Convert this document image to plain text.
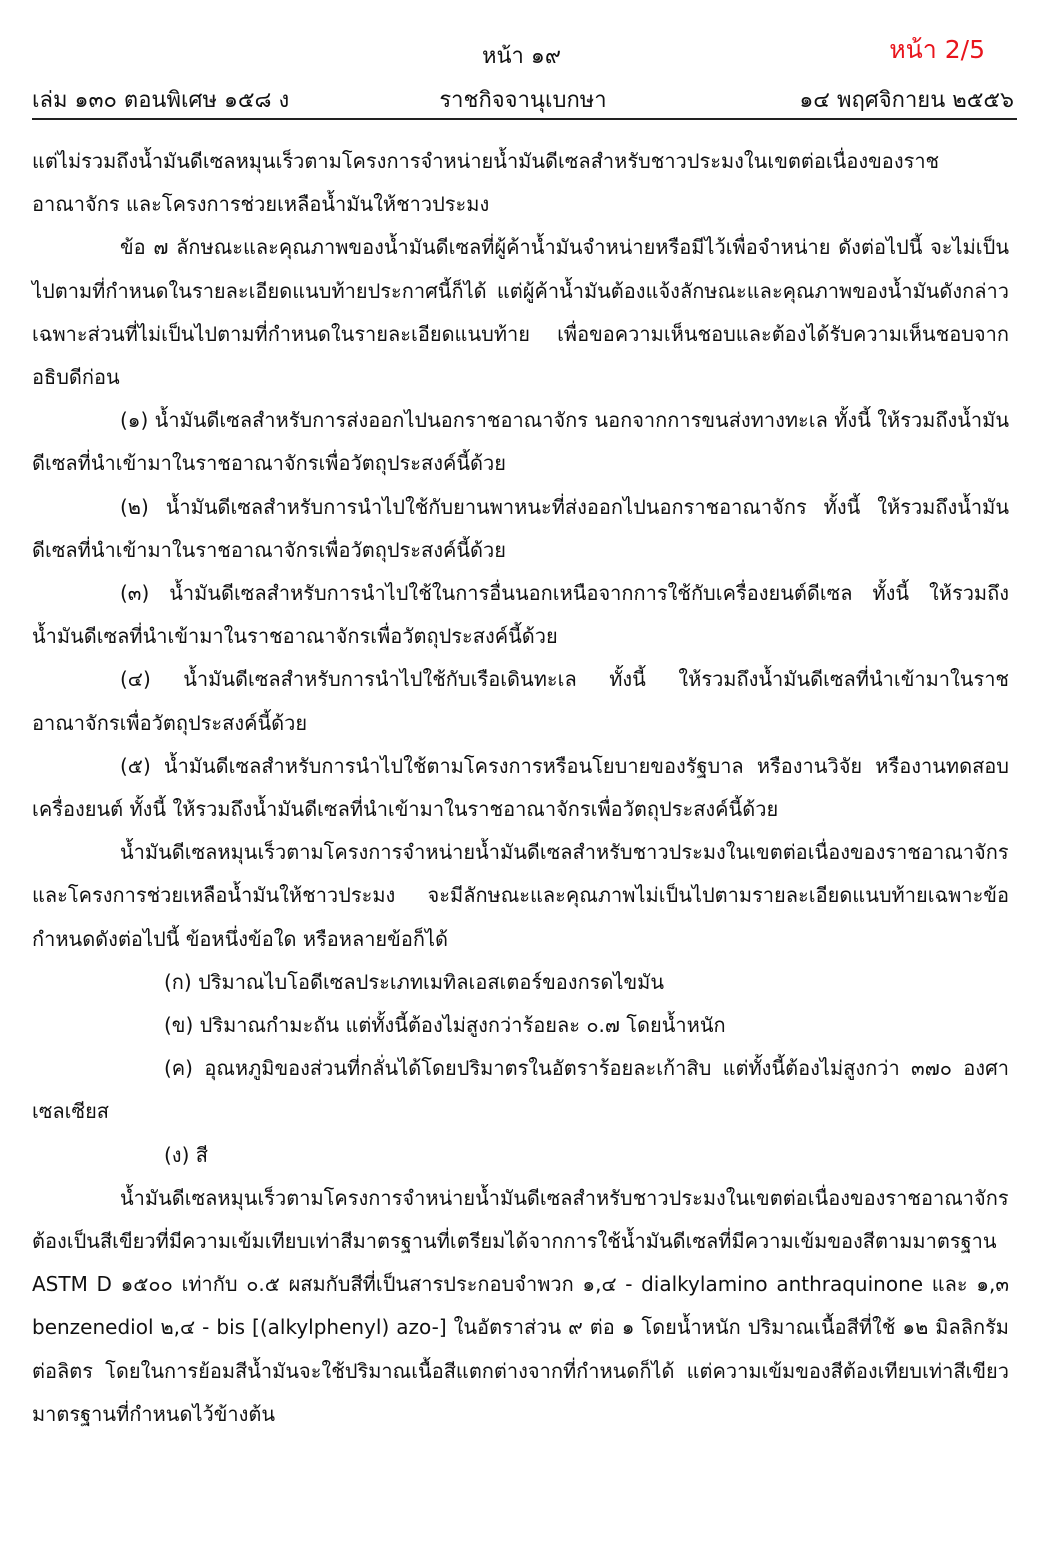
หน้า 2/5
หน้า ๑๙
ราชกิจจานุเบกษา
เล่ม ๑๓๐ ตอนพิเศษ ๑๕๘ ง	๑๔ พฤศจิกายน ๒๕๕๖

แต่ไม่รวมถึงน้ำมันดีเซลหมุนเร็วตามโครงการจำหน่ายน้ำมันดีเซลสำหรับชาวประมงในเขตต่อเนื่องของราชอาณาจักร และโครงการช่วยเหลือน้ำมันให้ชาวประมง

ข้อ ๗ ลักษณะและคุณภาพของน้ำมันดีเซลที่ผู้ค้าน้ำมันจำหน่ายหรือมีไว้เพื่อจำหน่าย ดังต่อไปนี้ จะไม่เป็นไปตามที่กำหนดในรายละเอียดแนบท้ายประกาศนี้ก็ได้ แต่ผู้ค้าน้ำมันต้องแจ้งลักษณะและคุณภาพของน้ำมันดังกล่าวเฉพาะส่วนที่ไม่เป็นไปตามที่กำหนดในรายละเอียดแนบท้าย เพื่อขอความเห็นชอบและต้องได้รับความเห็นชอบจากอธิบดีก่อน

(๑) น้ำมันดีเซลสำหรับการส่งออกไปนอกราชอาณาจักร นอกจากการขนส่งทางทะเล ทั้งนี้ ให้รวมถึงน้ำมันดีเซลที่นำเข้ามาในราชอาณาจักรเพื่อวัตถุประสงค์นี้ด้วย

(๒) น้ำมันดีเซลสำหรับการนำไปใช้กับยานพาหนะที่ส่งออกไปนอกราชอาณาจักร ทั้งนี้ ให้รวมถึงน้ำมันดีเซลที่นำเข้ามาในราชอาณาจักรเพื่อวัตถุประสงค์นี้ด้วย

(๓) น้ำมันดีเซลสำหรับการนำไปใช้ในการอื่นนอกเหนือจากการใช้กับเครื่องยนต์ดีเซล ทั้งนี้ ให้รวมถึงน้ำมันดีเซลที่นำเข้ามาในราชอาณาจักรเพื่อวัตถุประสงค์นี้ด้วย

(๔) น้ำมันดีเซลสำหรับการนำไปใช้กับเรือเดินทะเล ทั้งนี้ ให้รวมถึงน้ำมันดีเซลที่นำเข้ามาในราชอาณาจักรเพื่อวัตถุประสงค์นี้ด้วย

(๕) น้ำมันดีเซลสำหรับการนำไปใช้ตามโครงการหรือนโยบายของรัฐบาล หรืองานวิจัย หรืองานทดสอบเครื่องยนต์ ทั้งนี้ ให้รวมถึงน้ำมันดีเซลที่นำเข้ามาในราชอาณาจักรเพื่อวัตถุประสงค์นี้ด้วย

น้ำมันดีเซลหมุนเร็วตามโครงการจำหน่ายน้ำมันดีเซลสำหรับชาวประมงในเขตต่อเนื่องของราชอาณาจักรและโครงการช่วยเหลือน้ำมันให้ชาวประมง จะมีลักษณะและคุณภาพไม่เป็นไปตามรายละเอียดแนบท้ายเฉพาะข้อกำหนดดังต่อไปนี้ ข้อหนึ่งข้อใด หรือหลายข้อก็ได้

(ก) ปริมาณไบโอดีเซลประเภทเมทิลเอสเตอร์ของกรดไขมัน

(ข) ปริมาณกำมะถัน แต่ทั้งนี้ต้องไม่สูงกว่าร้อยละ ๐.๗ โดยน้ำหนัก

(ค) อุณหภูมิของส่วนที่กลั่นได้โดยปริมาตรในอัตราร้อยละเก้าสิบ แต่ทั้งนี้ต้องไม่สูงกว่า ๓๗๐ องศาเซลเซียส

(ง) สี

น้ำมันดีเซลหมุนเร็วตามโครงการจำหน่ายน้ำมันดีเซลสำหรับชาวประมงในเขตต่อเนื่องของราชอาณาจักร ต้องเป็นสีเขียวที่มีความเข้มเทียบเท่าสีมาตรฐานที่เตรียมได้จากการใช้น้ำมันดีเซลที่มีความเข้มของสีตามมาตรฐาน ASTM D ๑๕๐๐ เท่ากับ ๐.๕ ผสมกับสีที่เป็นสารประกอบจำพวก ๑,๔ - dialkylamino anthraquinone และ ๑,๓ benzenediol ๒,๔ - bis [(alkylphenyl) azo-] ในอัตราส่วน ๙ ต่อ ๑ โดยน้ำหนัก ปริมาณเนื้อสีที่ใช้ ๑๒ มิลลิกรัมต่อลิตร โดยในการย้อมสีน้ำมันจะใช้ปริมาณเนื้อสีแตกต่างจากที่กำหนดก็ได้ แต่ความเข้มของสีต้องเทียบเท่าสีเขียวมาตรฐานที่กำหนดไว้ข้างต้น
